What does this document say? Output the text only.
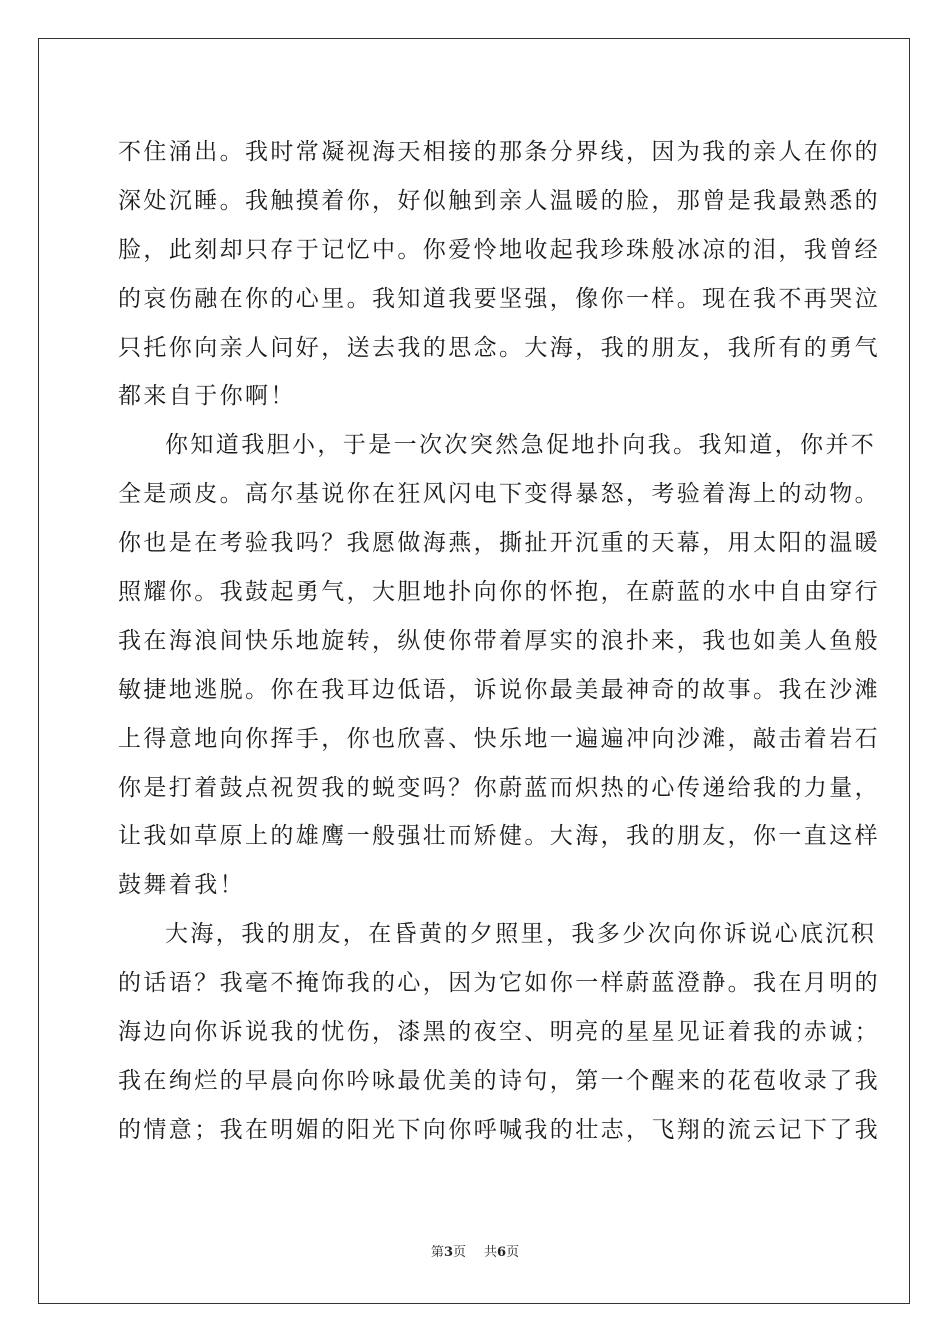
不住涌出。我时常凝视海天相接的那条分界线，因为我的亲人在你的
深处沉睡。我触摸着你，好似触到亲人温暖的脸，那曾是我最熟悉的
脸，此刻却只存于记忆中。你爱怜地收起我珍珠般冰凉的泪，我曾经
的哀伤融在你的心里。我知道我要坚强，像你一样。现在我不再哭泣
只托你向亲人问好，送去我的思念。大海，我的朋友，我所有的勇气
都来自于你啊！
你知道我胆小，于是一次次突然急促地扑向我。我知道，你并不
全是顽皮。高尔基说你在狂风闪电下变得暴怒，考验着海上的动物。
你也是在考验我吗？我愿做海燕，撕扯开沉重的天幕，用太阳的温暖
照耀你。我鼓起勇气，大胆地扑向你的怀抱，在蔚蓝的水中自由穿行
我在海浪间快乐地旋转，纵使你带着厚实的浪扑来，我也如美人鱼般
敏捷地逃脱。你在我耳边低语，诉说你最美最神奇的故事。我在沙滩
上得意地向你挥手，你也欣喜、快乐地一遍遍冲向沙滩，敲击着岩石
你是打着鼓点祝贺我的蜕变吗？你蔚蓝而炽热的心传递给我的力量，
让我如草原上的雄鹰一般强壮而矫健。大海，我的朋友，你一直这样
鼓舞着我！
大海，我的朋友，在昏黄的夕照里，我多少次向你诉说心底沉积
的话语？我毫不掩饰我的心，因为它如你一样蔚蓝澄静。我在月明的
海边向你诉说我的忧伤，漆黑的夜空、明亮的星星见证着我的赤诚；
我在绚烂的早晨向你吟咏最优美的诗句，第一个醒来的花苞收录了我
的情意；我在明媚的阳光下向你呼喊我的壮志，飞翔的流云记下了我
第3页 共6页
